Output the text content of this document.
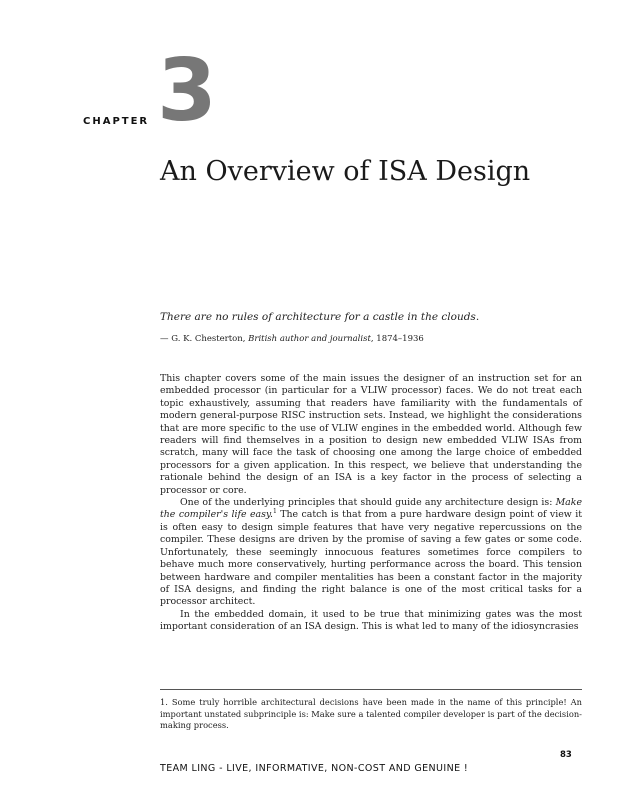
CHAPTER 3
An Overview of ISA Design
There are no rules of architecture for a castle in the clouds.
— G. K. Chesterton, British author and journalist, 1874–1936

This chapter covers some of the main issues the designer of an instruction set for an embedded processor (in particular for a VLIW processor) faces. We do not treat each topic exhaustively, assuming that readers have familiarity with the fundamentals of modern general-purpose RISC instruction sets. Instead, we highlight the considerations that are more specific to the use of VLIW engines in the embedded world. Although few readers will find themselves in a position to design new embedded VLIW ISAs from scratch, many will face the task of choosing one among the large choice of embedded processors for a given application. In this respect, we believe that understanding the rationale behind the design of an ISA is a key factor in the process of selecting a processor or core.

One of the underlying principles that should guide any architecture design is: Make the compiler's life easy.$^1$ The catch is that from a pure hardware design point of view it is often easy to design simple features that have very negative repercussions on the compiler. These designs are driven by the promise of saving a few gates or some code. Unfortunately, these seemingly innocuous features sometimes force compilers to behave much more conservatively, hurting performance across the board. This tension between hardware and compiler mentalities has been a constant factor in the majority of ISA designs, and finding the right balance is one of the most critical tasks for a processor architect.

In the embedded domain, it used to be true that minimizing gates was the most important consideration of an ISA design. This is what led to many of the idiosyncrasies

1. Some truly horrible architectural decisions have been made in the name of this principle! An important unstated subprinciple is: Make sure a talented compiler developer is part of the decision-making process.
83
TEAM LING - LIVE, INFORMATIVE, NON-COST AND GENUINE !
